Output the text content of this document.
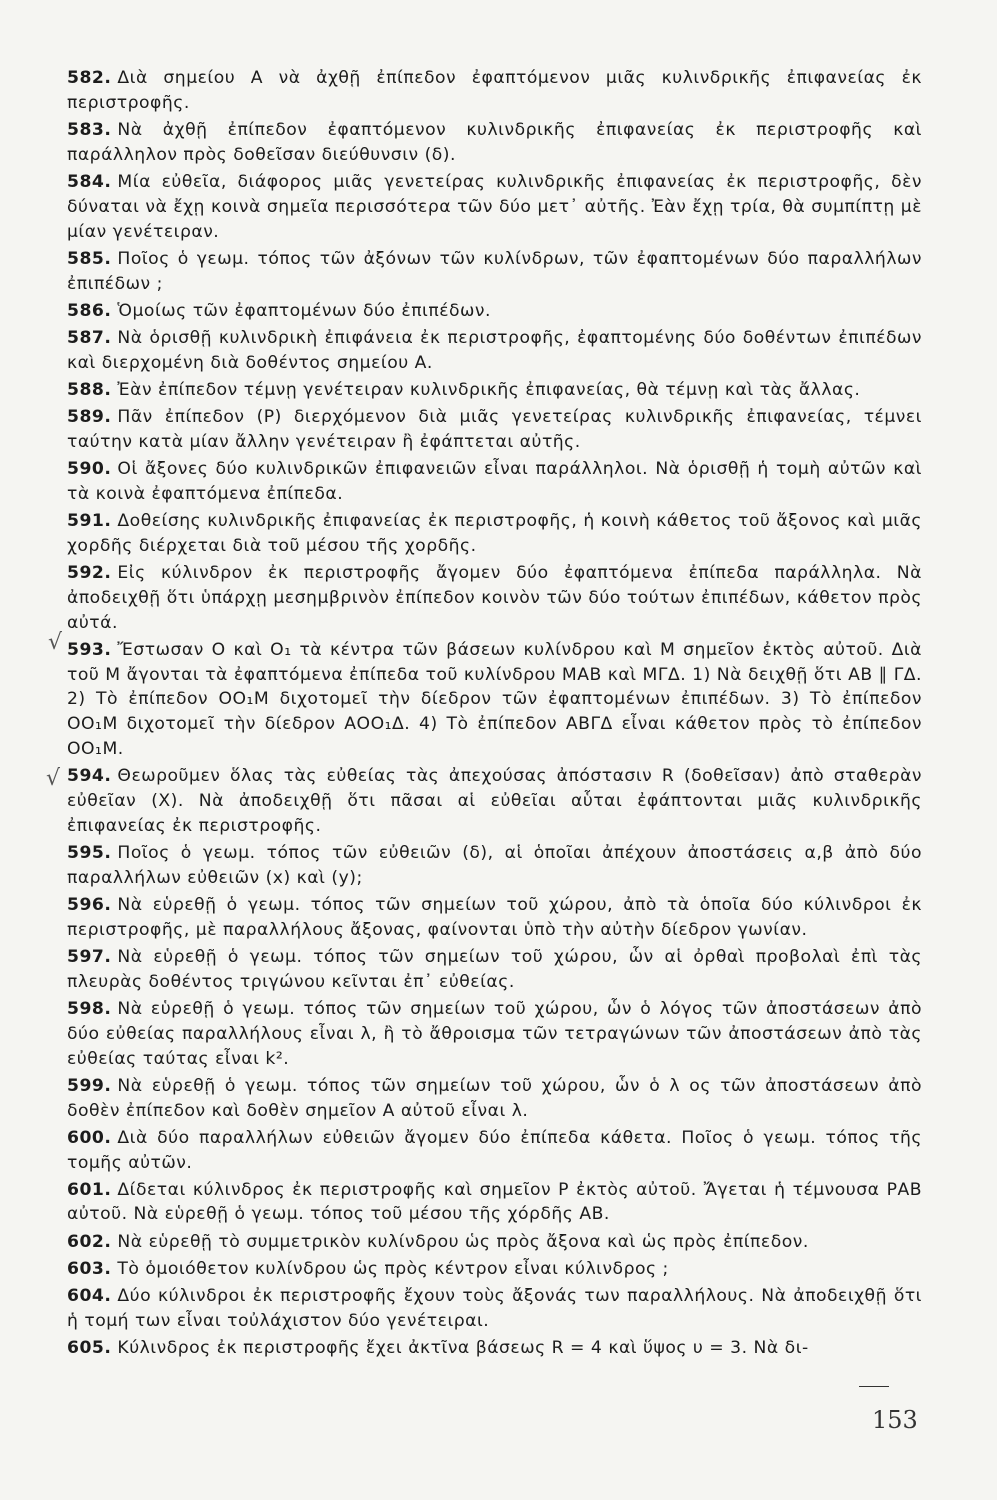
582. Διὰ σημείου Α νὰ ἀχθῇ ἐπίπεδον ἐφαπτόμενον μιᾶς κυλινδρικῆς ἐπιφανείας ἐκ περιστροφῆς.

583. Νὰ ἀχθῇ ἐπίπεδον ἐφαπτόμενον κυλινδρικῆς ἐπιφανείας ἐκ περιστροφῆς καὶ παράλληλον πρὸς δοθεῖσαν διεύθυνσιν (δ).

584. Μία εὐθεῖα, διάφορος μιᾶς γενετείρας κυλινδρικῆς ἐπιφανείας ἐκ περιστροφῆς, δὲν δύναται νὰ ἔχῃ κοινὰ σημεῖα περισσότερα τῶν δύο μετ᾽ αὐτῆς. Ἐὰν ἔχῃ τρία, θὰ συμπίπτῃ μὲ μίαν γενέτειραν.

585. Ποῖος ὁ γεωμ. τόπος τῶν ἀξόνων τῶν κυλίνδρων, τῶν ἐφαπτομένων δύο παραλλήλων ἐπιπέδων ;

586. Ὁμοίως τῶν ἐφαπτομένων δύο ἐπιπέδων.

587. Νὰ ὁρισθῇ κυλινδρικὴ ἐπιφάνεια ἐκ περιστροφῆς, ἐφαπτομένης δύο δοθέντων ἐπιπέδων καὶ διερχομένη διὰ δοθέντος σημείου Α.

588. Ἐὰν ἐπίπεδον τέμνῃ γενέτειραν κυλινδρικῆς ἐπιφανείας, θὰ τέμνῃ καὶ τὰς ἄλλας.

589. Πᾶν ἐπίπεδον (Ρ) διερχόμενον διὰ μιᾶς γενετείρας κυλινδρικῆς ἐπιφανείας, τέμνει ταύτην κατὰ μίαν ἄλλην γενέτειραν ἢ ἐφάπτεται αὐτῆς.

590. Οἱ ἄξονες δύο κυλινδρικῶν ἐπιφανειῶν εἶναι παράλληλοι. Νὰ ὁρισθῇ ἡ τομὴ αὐτῶν καὶ τὰ κοινὰ ἐφαπτόμενα ἐπίπεδα.

591. Δοθείσης κυλινδρικῆς ἐπιφανείας ἐκ περιστροφῆς, ἡ κοινὴ κάθετος τοῦ ἄξονος καὶ μιᾶς χορδῆς διέρχεται διὰ τοῦ μέσου τῆς χορδῆς.

592. Εἰς κύλινδρον ἐκ περιστροφῆς ἄγομεν δύο ἐφαπτόμενα ἐπίπεδα παράλληλα. Νὰ ἀποδειχθῇ ὅτι ὑπάρχῃ μεσημβρινὸν ἐπίπεδον κοινὸν τῶν δύο τούτων ἐπιπέδων, κάθετον πρὸς αὐτά.

593. Ἔστωσαν Ο καὶ Ο₁ τὰ κέντρα τῶν βάσεων κυλίνδρου καὶ Μ σημεῖον ἐκτὸς αὐτοῦ. Διὰ τοῦ Μ ἄγονται τὰ ἐφαπτόμενα ἐπίπεδα τοῦ κυλίνδρου ΜΑΒ καὶ ΜΓΔ. 1) Νὰ δειχθῇ ὅτι ΑΒ ∥ ΓΔ. 2) Τὸ ἐπίπεδον ΟΟ₁Μ διχοτομεῖ τὴν δίεδρον τῶν ἐφαπτομένων ἐπιπέδων. 3) Τὸ ἐπίπεδον ΟΟ₁Μ διχοτομεῖ τὴν δίεδρον ΑΟΟ₁Δ. 4) Τὸ ἐπίπεδον ΑΒΓΔ εἶναι κάθετον πρὸς τὸ ἐπίπεδον ΟΟ₁Μ.

594. Θεωροῦμεν ὅλας τὰς εὐθείας τὰς ἀπεχούσας ἀπόστασιν R (δοθεῖσαν) ἀπὸ σταθερὰν εὐθεῖαν (Χ). Νὰ ἀποδειχθῇ ὅτι πᾶσαι αἱ εὐθεῖαι αὗται ἐφάπτονται μιᾶς κυλινδρικῆς ἐπιφανείας ἐκ περιστροφῆς.

595. Ποῖος ὁ γεωμ. τόπος τῶν εὐθειῶν (δ), αἱ ὁποῖαι ἀπέχουν ἀποστάσεις α,β ἀπὸ δύο παραλλήλων εὐθειῶν (x) καὶ (y);

596. Νὰ εὑρεθῇ ὁ γεωμ. τόπος τῶν σημείων τοῦ χώρου, ἀπὸ τὰ ὁποῖα δύο κύλινδροι ἐκ περιστροφῆς, μὲ παραλλήλους ἄξονας, φαίνονται ὑπὸ τὴν αὐτὴν δίεδρον γωνίαν.

597. Νὰ εὑρεθῇ ὁ γεωμ. τόπος τῶν σημείων τοῦ χώρου, ὧν αἱ ὀρθαὶ προβολαὶ ἐπὶ τὰς πλευρὰς δοθέντος τριγώνου κεῖνται ἐπ᾽ εὐθείας.

598. Νὰ εὑρεθῇ ὁ γεωμ. τόπος τῶν σημείων τοῦ χώρου, ὧν ὁ λόγος τῶν ἀποστάσεων ἀπὸ δύο εὐθείας παραλλήλους εἶναι λ, ἢ τὸ ἄθροισμα τῶν τετραγώνων τῶν ἀποστάσεων ἀπὸ τὰς εὐθείας ταύτας εἶναι k².

599. Νὰ εὑρεθῇ ὁ γεωμ. τόπος τῶν σημείων τοῦ χώρου, ὧν ὁ λ ος τῶν ἀποστάσεων ἀπὸ δοθὲν ἐπίπεδον καὶ δοθὲν σημεῖον Α αὐτοῦ εἶναι λ.

600. Διὰ δύο παραλλήλων εὐθειῶν ἄγομεν δύο ἐπίπεδα κάθετα. Ποῖος ὁ γεωμ. τόπος τῆς τομῆς αὐτῶν.

601. Δίδεται κύλινδρος ἐκ περιστροφῆς καὶ σημεῖον Ρ ἐκτὸς αὐτοῦ. Ἄγεται ἡ τέμνουσα ΡΑΒ αὐτοῦ. Νὰ εὑρεθῇ ὁ γεωμ. τόπος τοῦ μέσου τῆς χόρδῆς ΑΒ.

602. Νὰ εὑρεθῇ τὸ συμμετρικὸν κυλίνδρου ὡς πρὸς ἄξονα καὶ ὡς πρὸς ἐπίπεδον.

603. Τὸ ὁμοιόθετον κυλίνδρου ὡς πρὸς κέντρον εἶναι κύλινδρος ;

604. Δύο κύλινδροι ἐκ περιστροφῆς ἔχουν τοὺς ἄξονάς των παραλλήλους. Νὰ ἀποδειχθῇ ὅτι ἡ τομή των εἶναι τοὐλάχιστον δύο γενέτειραι.

605. Κύλινδρος ἐκ περιστροφῆς ἔχει ἀκτῖνα βάσεως R = 4 καὶ ὕψος υ = 3. Νὰ δι-

√
√
153
